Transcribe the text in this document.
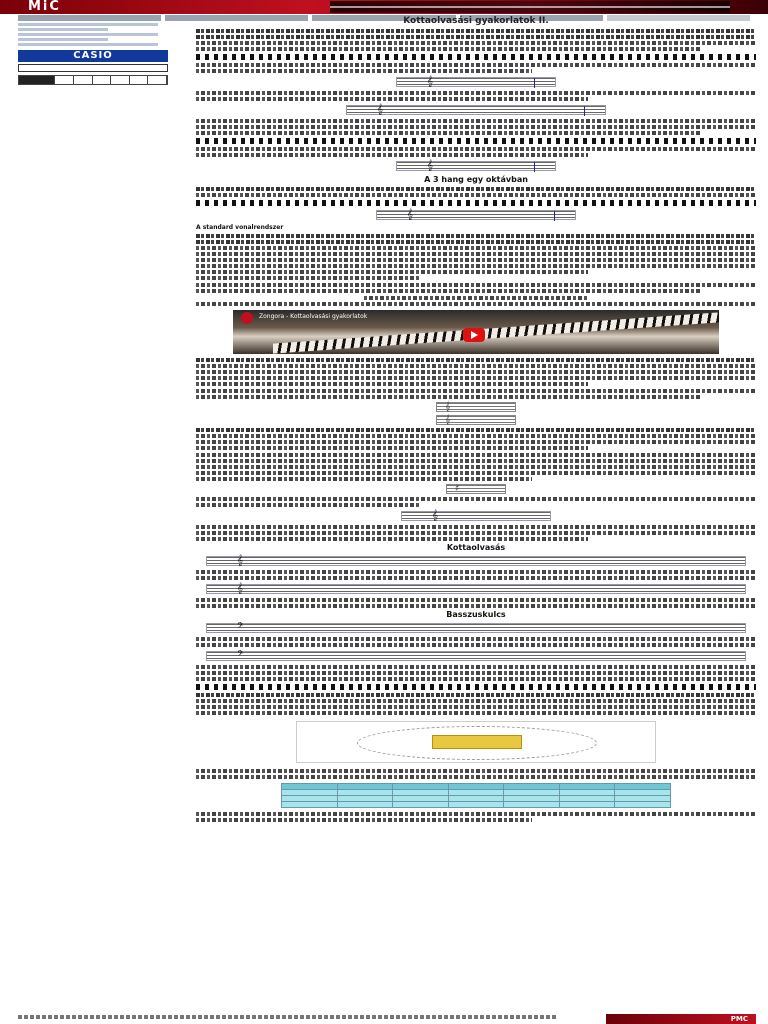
MiC
CASIO
Kottaolvasási gyakorlatok II.
𝄞
𝄞
𝄞
A 3 hang egy oktávban
𝄞
A standard vonalrendszer
Zongora - Kottaolvasási gyakorlatok
𝄞
𝄞
♯
𝄞
Kottaolvasás
𝄞
𝄞
Basszuskulcs
𝄢
𝄢

PMC
